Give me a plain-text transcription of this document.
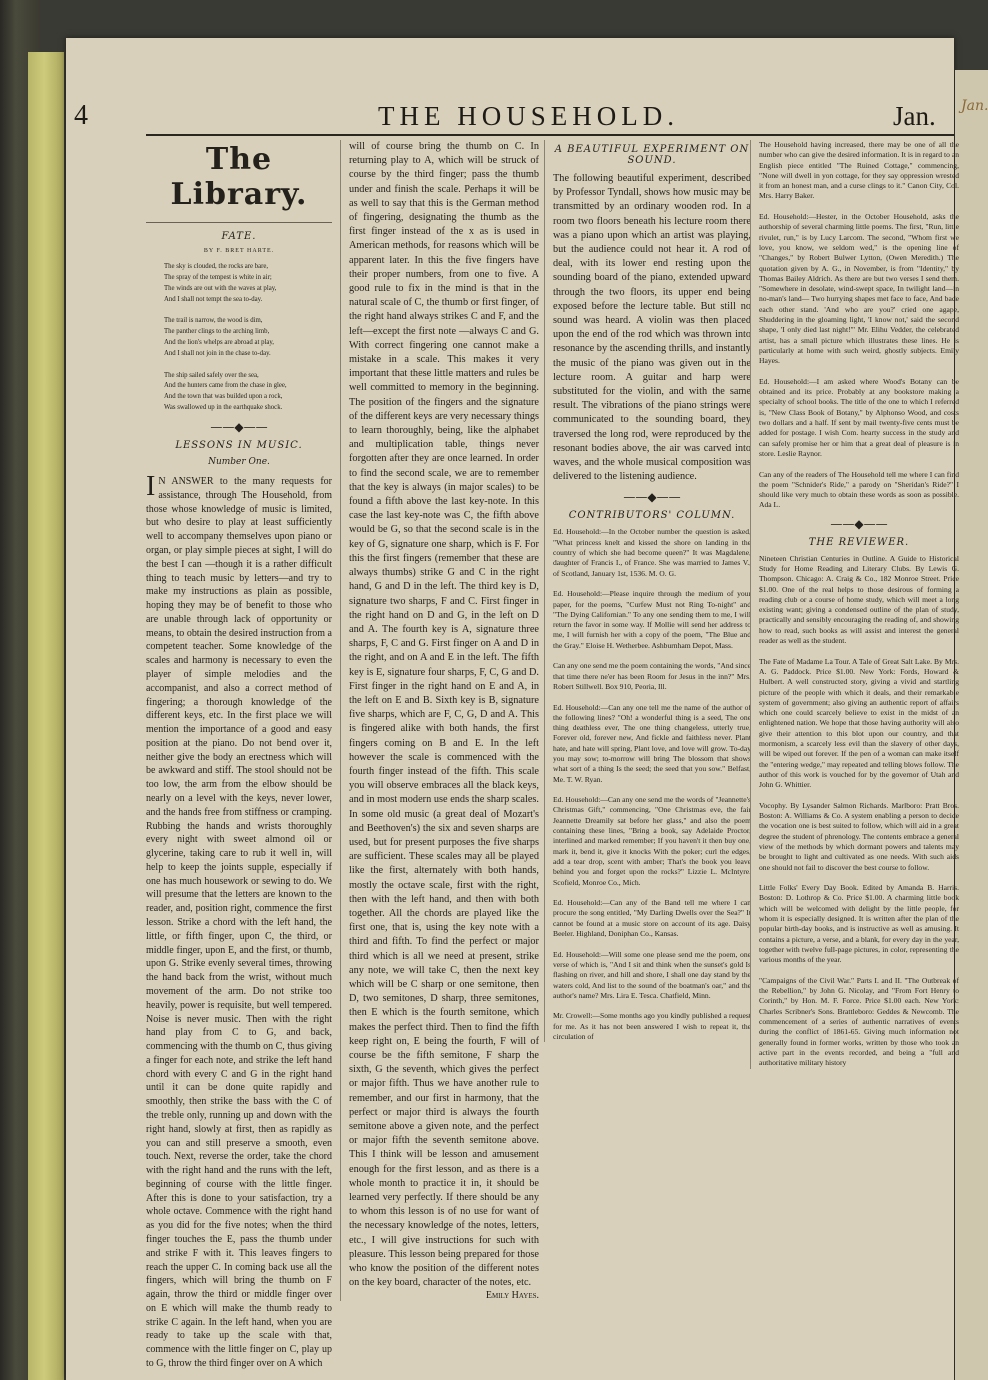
Jan.
4	THE HOUSEHOLD.	Jan.
The Library.
FATE.
BY F. BRET HARTE.
The sky is clouded, the rocks are bare,
The spray of the tempest is white in air;
The winds are out with the waves at play,
And I shall not tempt the sea to-day.

The trail is narrow, the wood is dim,
The panther clings to the arching limb,
And the lion's whelps are abroad at play,
And I shall not join in the chase to-day.

The ship sailed safely over the sea,
And the hunters came from the chase in glee,
And the town that was builded upon a rock,
Was swallowed up in the earthquake shock.
——◆——
LESSONS IN MUSIC.
Number One.

IN ANSWER to the many requests for assistance, through The Household, from those whose knowledge of music is limited, but who desire to play at least sufficiently well to accompany themselves upon piano or organ, or play simple pieces at sight, I will do the best I can —though it is a rather difficult thing to teach music by letters—and try to make my instructions as plain as possible, hoping they may be of benefit to those who are unable through lack of opportunity or means, to obtain the desired instruction from a competent teacher. Some knowledge of the scales and harmony is necessary to even the player of simple melodies and the accompanist, and also a correct method of fingering; a thorough knowledge of the different keys, etc. In the first place we will mention the importance of a good and easy position at the piano. Do not bend over it, neither give the body an erectness which will be awkward and stiff. The stool should not be too low, the arm from the elbow should be nearly on a level with the keys, never lower, and the hands free from stiffness or cramping. Rubbing the hands and wrists thoroughly every night with sweet almond oil or glycerine, taking care to rub it well in, will help to keep the joints supple, especially if one has much housework or sewing to do. We will presume that the letters are known to the reader, and, position right, commence the first lesson. Strike a chord with the left hand, the little, or fifth finger, upon C, the third, or middle finger, upon E, and the first, or thumb, upon G. Strike evenly several times, throwing the hand back from the wrist, without much movement of the arm. Do not strike too heavily, power is requisite, but well tempered. Noise is never music. Then with the right hand play from C to G, and back, commencing with the thumb on C, thus giving a finger for each note, and strike the left hand chord with every C and G in the right hand until it can be done quite rapidly and smoothly, then strike the bass with the C of the treble only, running up and down with the right hand, slowly at first, then as rapidly as you can and still preserve a smooth, even touch. Next, reverse the order, take the chord with the right hand and the runs with the left, beginning of course with the little finger. After this is done to your satisfaction, try a whole octave. Commence with the right hand as you did for the five notes; when the third finger touches the E, pass the thumb under and strike F with it. This leaves fingers to reach the upper C. In coming back use all the fingers, which will bring the thumb on F again, throw the third or middle finger over on E which will make the thumb ready to strike C again. In the left hand, when you are ready to take up the scale with that, commence with the little finger on C, play up to G, throw the third finger over on A which

will of course bring the thumb on C. In returning play to A, which will be struck of course by the third finger; pass the thumb under and finish the scale. Perhaps it will be as well to say that this is the German method of fingering, designating the thumb as the first finger instead of the x as is used in American methods, for reasons which will be apparent later. In this the five fingers have their proper numbers, from one to five. A good rule to fix in the mind is that in the natural scale of C, the thumb or first finger, of the right hand always strikes C and F, and the left—except the first note —always C and G. With correct fingering one cannot make a mistake in a scale. This makes it very important that these little matters and rules be well committed to memory in the beginning. The position of the fingers and the signature of the different keys are very necessary things to learn thoroughly, being, like the alphabet and multiplication table, things never forgotten after they are once learned. In order to find the second scale, we are to remember that the key is always (in major scales) to be found a fifth above the last key-note. In this case the last key-note was C, the fifth above would be G, so that the second scale is in the key of G, signature one sharp, which is F. For this the first fingers (remember that these are always thumbs) strike G and C in the right hand, G and D in the left. The third key is D, signature two sharps, F and C. First finger in the right hand on D and G, in the left on D and A. The fourth key is A, signature three sharps, F, C and G. First finger on A and D in the right, and on A and E in the left. The fifth key is E, signature four sharps, F, C, G and D. First finger in the right hand on E and A, in the left on E and B. Sixth key is B, signature five sharps, which are F, C, G, D and A. This is fingered alike with both hands, the first fingers coming on B and E. In the left however the scale is commenced with the fourth finger instead of the fifth. This scale you will observe embraces all the black keys, and in most modern use ends the sharp scales. In some old music (a great deal of Mozart's and Beethoven's) the six and seven sharps are used, but for present purposes the five sharps are sufficient. These scales may all be played like the first, alternately with both hands, mostly the octave scale, first with the right, then with the left hand, and then with both together. All the chords are played like the first one, that is, using the key note with a third and fifth. To find the perfect or major third which is all we need at present, strike any note, we will take C, then the next key which will be C sharp or one semitone, then D, two semitones, D sharp, three semitones, then E which is the fourth semitone, which makes the perfect third. Then to find the fifth keep right on, E being the fourth, F will of course be the fifth semitone, F sharp the sixth, G the seventh, which gives the perfect or major fifth. Thus we have another rule to remember, and our first in harmony, that the perfect or major third is always the fourth semitone above a given note, and the perfect or major fifth the seventh semitone above. This I think will be lesson and amusement enough for the first lesson, and as there is a whole month to practice it in, it should be learned very perfectly. If there should be any to whom this lesson is of no use for want of the necessary knowledge of the notes, letters, etc., I will give instructions for such with pleasure. This lesson being prepared for those who know the position of the different notes on the key board, character of the notes, etc.

Emily Hayes.
A BEAUTIFUL EXPERIMENT ON SOUND.

The following beautiful experiment, described by Professor Tyndall, shows how music may be transmitted by an ordinary wooden rod. In a room two floors beneath his lecture room there was a piano upon which an artist was playing, but the audience could not hear it. A rod of deal, with its lower end resting upon the sounding board of the piano, extended upward through the two floors, its upper end being exposed before the lecture table. But still no sound was heard. A violin was then placed upon the end of the rod which was thrown into resonance by the ascending thrills, and instantly the music of the piano was given out in the lecture room. A guitar and harp were substituted for the violin, and with the same result. The vibrations of the piano strings were communicated to the sounding board, they traversed the long rod, were reproduced by the resonant bodies above, the air was carved into waves, and the whole musical composition was delivered to the listening audience.

——◆——
CONTRIBUTORS' COLUMN.

Ed. Household:—In the October number the question is asked, "What princess knelt and kissed the shore on landing in the country of which she had become queen?" It was Magdalene, daughter of Francis I., of France. She was married to James V., of Scotland, January 1st, 1536. M. O. G.

Ed. Household:—Please inquire through the medium of your paper, for the poems, "Curfew Must not Ring To-night" and "The Dying Californian." To any one sending them to me, I will return the favor in some way. If Mollie will send her address to me, I will furnish her with a copy of the poem, "The Blue and the Gray." Eloise H. Wetherbee. Ashburnham Depot, Mass.

Can any one send me the poem containing the words, "And since that time there ne'er has been Room for Jesus in the inn?" Mrs. Robert Stillwell. Box 910, Peoria, Ill.

Ed. Household:—Can any one tell me the name of the author of the following lines? "Oh! a wonderful thing is a seed, The one thing deathless ever, The one thing changeless, utterly true, Forever old, forever new, And fickle and faithless never. Plant hate, and hate will spring, Plant love, and love will grow. To-day you may sow; to-morrow will bring The blossom that shows what sort of a thing Is the seed; the seed that you sow." Belfast, Me. T. W. Ryan.

Ed. Household:—Can any one send me the words of "Jeannette's Christmas Gift," commencing, "One Christmas eve, the fair Jeannette Dreamily sat before her glass," and also the poem containing these lines, "Bring a book, say Adelaide Proctor, interlined and marked remember; If you haven't it then buy one, mark it, bend it, give it knocks With the poker; curl the edges, add a tear drop, scent with amber; That's the book you leave behind you and forget upon the rocks?" Lizzie L. McIntyre. Scofield, Monroe Co., Mich.

Ed. Household:—Can any of the Band tell me where I can procure the song entitled, "My Darling Dwells over the Sea?" It cannot be found at a music store on account of its age. Daisy Beeler. Highland, Doniphan Co., Kansas.

Ed. Household:—Will some one please send me the poem, one verse of which is, "And I sit and think when the sunset's gold Is flashing on river, and hill and shore, I shall one day stand by the waters cold, And list to the sound of the boatman's oar," and the author's name? Mrs. Lira E. Tesca. Chatfield, Minn.

Mr. Crowell:—Some months ago you kindly published a request for me. As it has not been answered I wish to repeat it, the circulation of

The Household having increased, there may be one of all the number who can give the desired information. It is in regard to an English piece entitled "The Ruined Cottage," commencing, "None will dwell in yon cottage, for they say oppression wrested it from an honest man, and a curse clings to it." Canon City, Col. Mrs. Harry Baker.

Ed. Household:—Hester, in the October Household, asks the authorship of several charming little poems. The first, "Run, little rivulet, run," is by Lucy Larcom. The second, "Whom first we love, you know, we seldom wed," is the opening line of "Changes," by Robert Bulwer Lytton, (Owen Meredith.) The quotation given by A. G., in November, is from "Identity," by Thomas Bailey Aldrich. As there are but two verses I send them. "Somewhere in desolate, wind-swept space, In twilight land—in no-man's land— Two hurrying shapes met face to face, And bade each other stand. 'And who are you?' cried one agape, Shuddering in the gloaming light, 'I know not,' said the second shape, 'I only died last night!'" Mr. Elihu Vedder, the celebrated artist, has a small picture which illustrates these lines. He is particularly at home with such weird, ghostly subjects. Emily Hayes.

Ed. Household:—I am asked where Wood's Botany can be obtained and its price. Probably at any bookstore making a specialty of school books. The title of the one to which I referred is, "New Class Book of Botany," by Alphonso Wood, and costs two dollars and a half. If sent by mail twenty-five cents must be added for postage. I wish Com. hearty success in the study and can safely promise her or him that a great deal of pleasure is in store. Leslie Raynor.

Can any of the readers of The Household tell me where I can find the poem "Schnider's Ride," a parody on "Sheridan's Ride?" I should like very much to obtain these words as soon as possible. Ada L.

——◆——
THE REVIEWER.

Nineteen Christian Centuries in Outline. A Guide to Historical Study for Home Reading and Literary Clubs. By Lewis G. Thompson. Chicago: A. Craig & Co., 182 Monroe Street. Price $1.00. One of the real helps to those desirous of forming a reading club or a course of home study, which will meet a long existing want; giving a condensed outline of the plan of study, practically and sensibly encouraging the reading of, and showing how to read, such books as will assist and interest the general reader as well as the student.

The Fate of Madame La Tour. A Tale of Great Salt Lake. By Mrs. A. G. Paddock. Price $1.00. New York: Fords, Howard & Hulbert. A well constructed story, giving a vivid and startling picture of the people with which it deals, and their remarkable system of government; also giving an authentic report of affairs which one could scarcely believe to exist in the midst of an enlightened nation. We hope that those having authority will also give their attention to this blot upon our country, and that mormonism, a scarcely less evil than the slavery of other days, will be wiped out forever. If the pen of a woman can make itself the "entering wedge," may repeated and telling blows follow. The author of this work is vouched for by the governor of Utah and John G. Whittier.

Vocophy. By Lysander Salmon Richards. Marlboro: Pratt Bros. Boston: A. Williams & Co. A system enabling a person to decide the vocation one is best suited to follow, which will aid in a great degree the student of phrenology. The contents embrace a general view of the methods by which dormant powers and talents may be brought to light and cultivated as one needs. With such aids one should not fail to discover the best course to follow.

Little Folks' Every Day Book. Edited by Amanda B. Harris. Boston: D. Lothrop & Co. Price $1.00. A charming little book which will be welcomed with delight by the little people, for whom it is especially designed. It is written after the plan of the popular birth-day books, and is instructive as well as amusing. It contains a picture, a verse, and a blank, for every day in the year, together with twelve full-page pictures, in color, representing the various months of the year.

"Campaigns of the Civil War." Parts I. and II. "The Outbreak of the Rebellion," by John G. Nicolay, and "From Fort Henry to Corinth," by Hon. M. F. Force. Price $1.00 each. New York: Charles Scribner's Sons. Brattleboro: Geddes & Newcomb. The commencement of a series of authentic narratives of events during the conflict of 1861-65. Giving much information not generally found in former works, written by those who took an active part in the events recorded, and being a "full and authoritative military history
